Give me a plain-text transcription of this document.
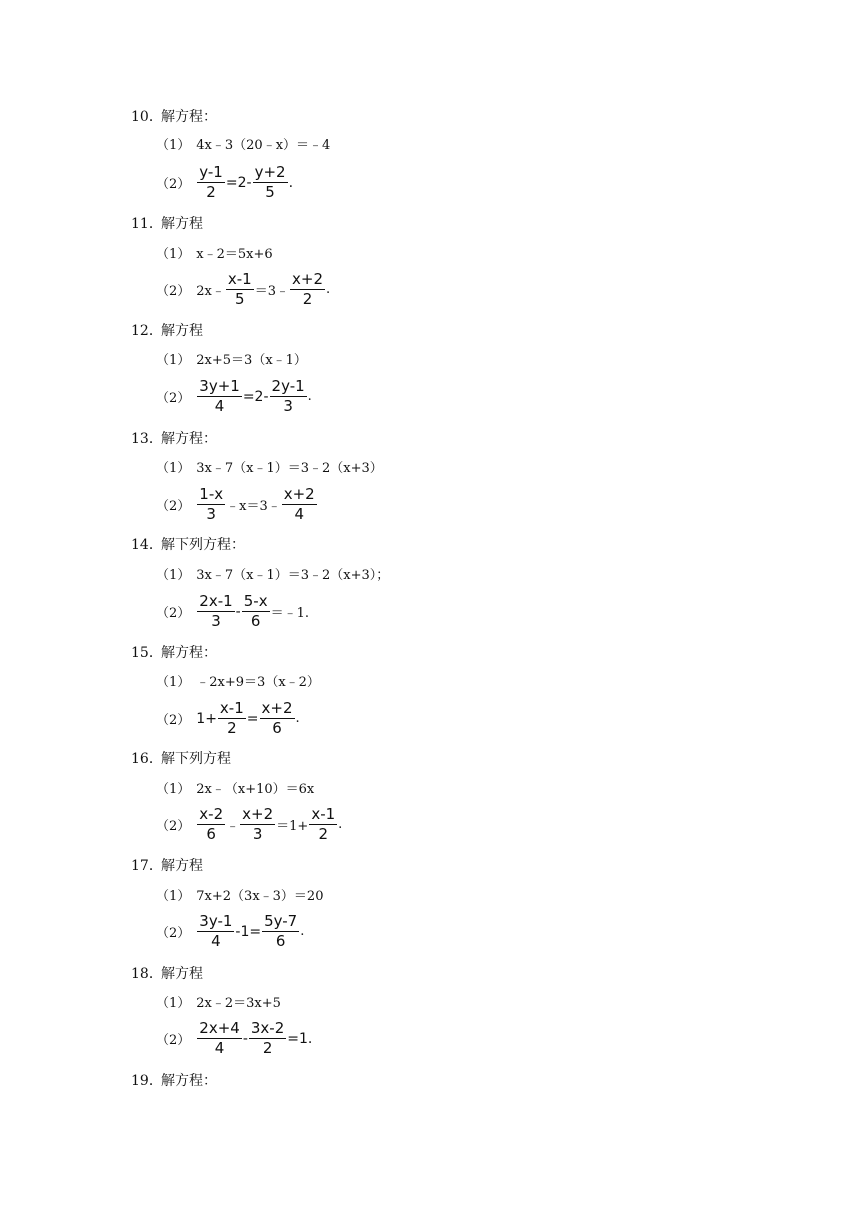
10．解方程：
（1） 4x﹣3（20﹣x）＝﹣4
$(2) \frac{y-1}{2} =2- \frac{y+2}{5}$ .
11．解方程
（1） x﹣2＝5x+6
（2） 2x﹣ $\frac{x-1}{5}$ ＝3﹣ $\frac{x+2}{2}$ .
12．解方程
（1） 2x+5＝3（x﹣1）
$(2) \frac{3y+1}{4} =2- \frac{2y-1}{3}$ .
13．解方程：
（1） 3x﹣7（x﹣1）＝3﹣2（x+3）
$(2) \frac{1-x}{3}$ ﹣x＝3﹣ $\frac{x+2}{4}$
14．解下列方程：
（1） 3x﹣7（x﹣1）＝3﹣2（x+3）；
$(2) \frac{2x-1}{3} - \frac{5-x}{6}$ ＝﹣1.
15．解方程：
（1） ﹣2x+9＝3（x﹣2）
（2） $1+ \frac{x-1}{2} = \frac{x+2}{6}$ .
16．解下列方程
（1） 2x﹣（x+10）＝6x
$(2) \frac{x-2}{6}$ ﹣ $\frac{x+2}{3} =1+ \frac{x-1}{2}$ .
17．解方程
（1） 7x+2（3x﹣3）＝20
$(2) \frac{3y-1}{4} -1= \frac{5y-7}{6}$ .
18．解方程
（1） 2x﹣2＝3x+5
$(2) \frac{2x+4}{4} - \frac{3x-2}{2} =1$.
19．解方程：
